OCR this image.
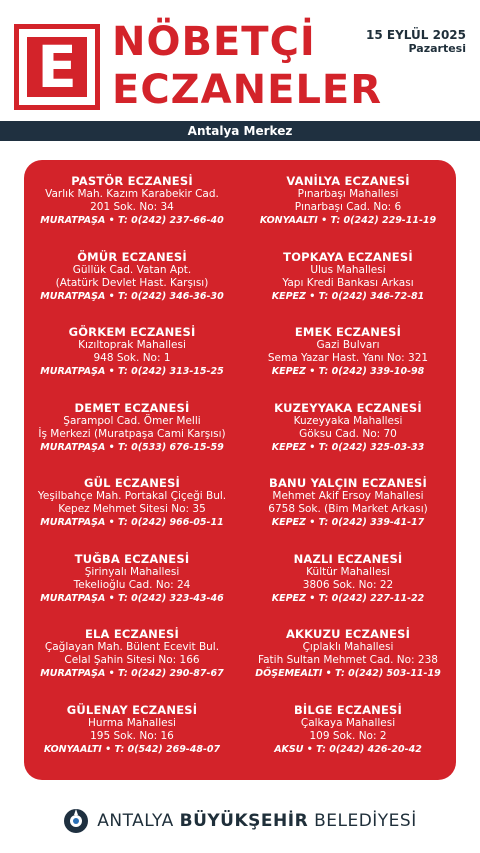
E NÖBETÇİ
ECZANELER
15 EYLÜL 2025
Pazartesi
Antalya Merkez
PASTÖR ECZANESİ
Varlık Mah. Kazım Karabekir Cad.
201 Sok. No: 34
MURATPAŞA • T: 0(242) 237-66-40
ÖMÜR ECZANESİ
Güllük Cad. Vatan Apt.
(Atatürk Devlet Hast. Karşısı)
MURATPAŞA • T: 0(242) 346-36-30
GÖRKEM ECZANESİ
Kızıltoprak Mahallesi
948 Sok. No: 1
MURATPAŞA • T: 0(242) 313-15-25
DEMET ECZANESİ
Şarampol Cad. Ömer Melli
İş Merkezi (Muratpaşa Cami Karşısı)
MURATPAŞA • T: 0(533) 676-15-59
GÜL ECZANESİ
Yeşilbahçe Mah. Portakal Çiçeği Bul.
Kepez Mehmet Sitesi No: 35
MURATPAŞA • T: 0(242) 966-05-11
TUĞBA ECZANESİ
Şirinyalı Mahallesi
Tekelioğlu Cad. No: 24
MURATPAŞA • T: 0(242) 323-43-46
ELA ECZANESİ
Çağlayan Mah. Bülent Ecevit Bul.
Celal Şahin Sitesi No: 166
MURATPAŞA • T: 0(242) 290-87-67
GÜLENAY ECZANESİ
Hurma Mahallesi
195 Sok. No: 16
KONYAALTI • T: 0(542) 269-48-07
VANİLYA ECZANESİ
Pınarbaşı Mahallesi
Pınarbaşı Cad. No: 6
KONYAALTI • T: 0(242) 229-11-19
TOPKAYA ECZANESİ
Ulus Mahallesi
Yapı Kredi Bankası Arkası
KEPEZ • T: 0(242) 346-72-81
EMEK ECZANESİ
Gazi Bulvarı
Sema Yazar Hast. Yanı No: 321
KEPEZ • T: 0(242) 339-10-98
KUZEYYAKA ECZANESİ
Kuzeyyaka Mahallesi
Göksu Cad. No: 70
KEPEZ • T: 0(242) 325-03-33
BANU YALÇIN ECZANESİ
Mehmet Akif Ersoy Mahallesi
6758 Sok. (Bim Market Arkası)
KEPEZ • T: 0(242) 339-41-17
NAZLI ECZANESİ
Kültür Mahallesi
3806 Sok. No: 22
KEPEZ • T: 0(242) 227-11-22
AKKUZU ECZANESİ
Çıplaklı Mahallesi
Fatih Sultan Mehmet Cad. No: 238
DÖŞEMEALTI • T: 0(242) 503-11-19
BİLGE ECZANESİ
Çalkaya Mahallesi
109 Sok. No: 2
AKSU • T: 0(242) 426-20-42
ANTALYA BÜYÜKŞEHİR BELEDİYESİ
